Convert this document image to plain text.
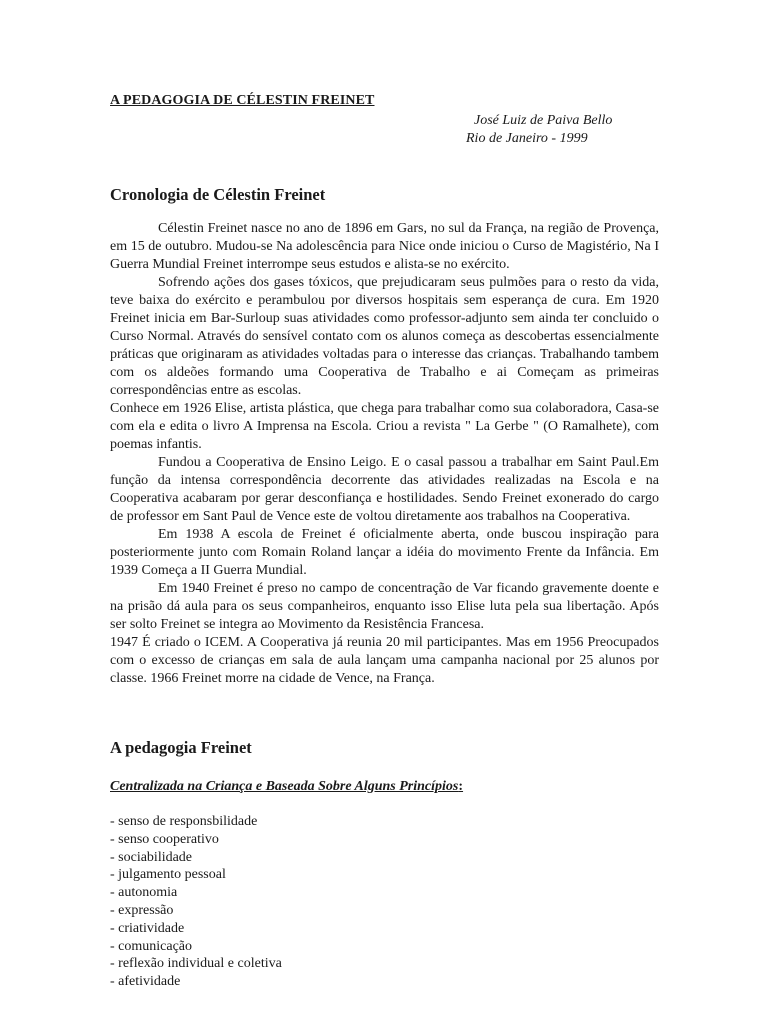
A PEDAGOGIA DE CÉLESTIN FREINET
José Luiz de Paiva Bello
Rio de Janeiro - 1999
Cronologia de Célestin Freinet

Célestin Freinet nasce no ano de 1896 em Gars, no sul da França, na região de Provença, em 15 de outubro. Mudou-se Na adolescência para Nice onde iniciou o Curso de Magistério, Na I Guerra Mundial Freinet interrompe seus estudos e alista-se no exército.

Sofrendo ações dos gases tóxicos, que prejudicaram seus pulmões para o resto da vida, teve baixa do exército e perambulou por diversos hospitais sem esperança de cura. Em 1920 Freinet inicia em Bar-Surloup suas atividades como professor-adjunto sem ainda ter concluido o Curso Normal. Através do sensível contato com os alunos começa as descobertas essencialmente práticas que originaram as atividades voltadas para o interesse das crianças. Trabalhando tambem com os aldeões formando uma Cooperativa de Trabalho e ai Começam as primeiras correspondências entre as escolas.

Conhece em 1926 Elise, artista plástica, que chega para trabalhar como sua colaboradora, Casa-se com ela e edita o livro A Imprensa na Escola. Criou a revista " La Gerbe " (O Ramalhete), com poemas infantis.

Fundou a Cooperativa de Ensino Leigo. E o casal passou a trabalhar em Saint Paul.Em função da intensa correspondência decorrente das atividades realizadas na Escola e na Cooperativa acabaram por gerar desconfiança e hostilidades. Sendo Freinet exonerado do cargo de professor em Sant Paul de Vence este de voltou diretamente aos trabalhos na Cooperativa.

Em 1938 A escola de Freinet é oficialmente aberta, onde buscou inspiração para posteriormente junto com Romain Roland lançar a idéia do movimento Frente da Infância. Em 1939 Começa a II Guerra Mundial.

Em 1940 Freinet é preso no campo de concentração de Var ficando gravemente doente e na prisão dá aula para os seus companheiros, enquanto isso Elise luta pela sua libertação. Após ser solto Freinet se integra ao Movimento da Resistência Francesa.

1947 É criado o ICEM. A Cooperativa já reunia 20 mil participantes. Mas em 1956 Preocupados com o excesso de crianças em sala de aula lançam uma campanha nacional por 25 alunos por classe. 1966 Freinet morre na cidade de Vence, na França.

A pedagogia Freinet
Centralizada na Criança e Baseada Sobre Alguns Princípios:
- senso de responsbilidade
- senso cooperativo
- sociabilidade
- julgamento pessoal
- autonomia
- expressão
- criatividade
- comunicação
- reflexão individual e coletiva
- afetividade
